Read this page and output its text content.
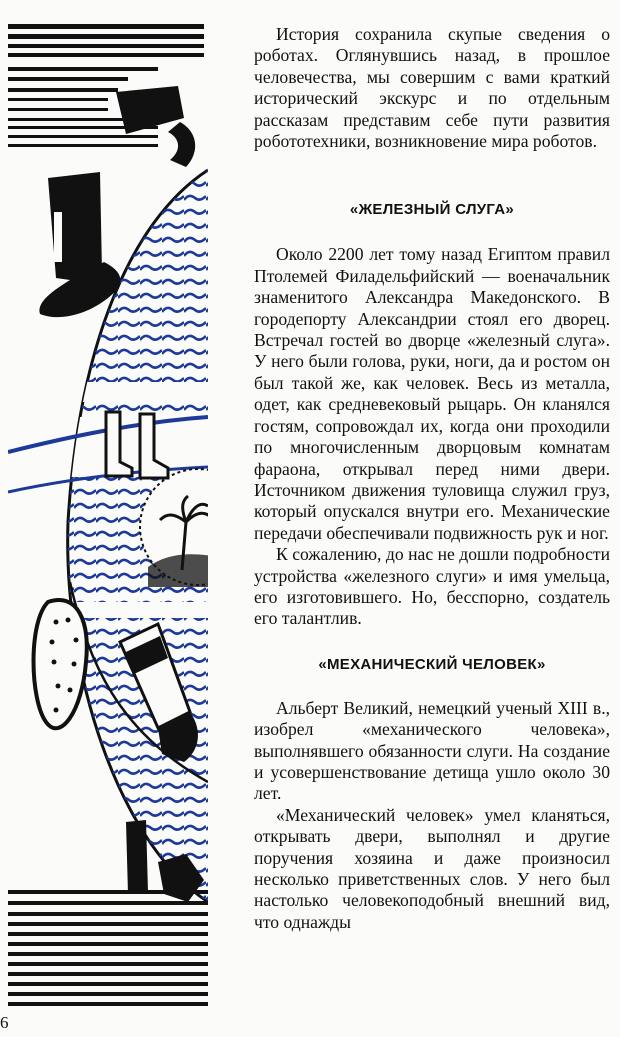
История сохранила скупые сведения о роботах. Оглянувшись назад, в прошлое человечества, мы совершим с вами краткий исторический экскурс и по отдельным рассказам представим себе пути развития робототехники, возникновение мира роботов.

«ЖЕЛЕЗНЫЙ СЛУГА»

Около 2200 лет тому назад Египтом правил Птолемей Филадельфийский — военачальник знаменитого Александра Македонского. В городепорту Александрии стоял его дворец. Встречал гостей во дворце «железный слуга». У него были голова, руки, ноги, да и ростом он был такой же, как человек. Весь из металла, одет, как средневековый рыцарь. Он кланялся гостям, сопровождал их, когда они проходили по многочисленным дворцовым комнатам фараона, открывал перед ними двери. Источником движения туловища служил груз, который опускался внутри его. Механические передачи обеспечивали подвижность рук и ног.

К сожалению, до нас не дошли подробности устройства «железного слуги» и имя умельца, его изготовившего. Но, бесспорно, создатель его талантлив.

«МЕХАНИЧЕСКИЙ ЧЕЛОВЕК»

Альберт Великий, немецкий ученый XIII в., изобрел «механического человека», выполнявшего обязанности слуги. На создание и усовершенствование детища ушло около 30 лет.

«Механический человек» умел кланяться, открывать двери, выполнял и другие поручения хозяина и даже произносил несколько приветственных слов. У него был настолько человекоподобный внешний вид, что однажды

6
